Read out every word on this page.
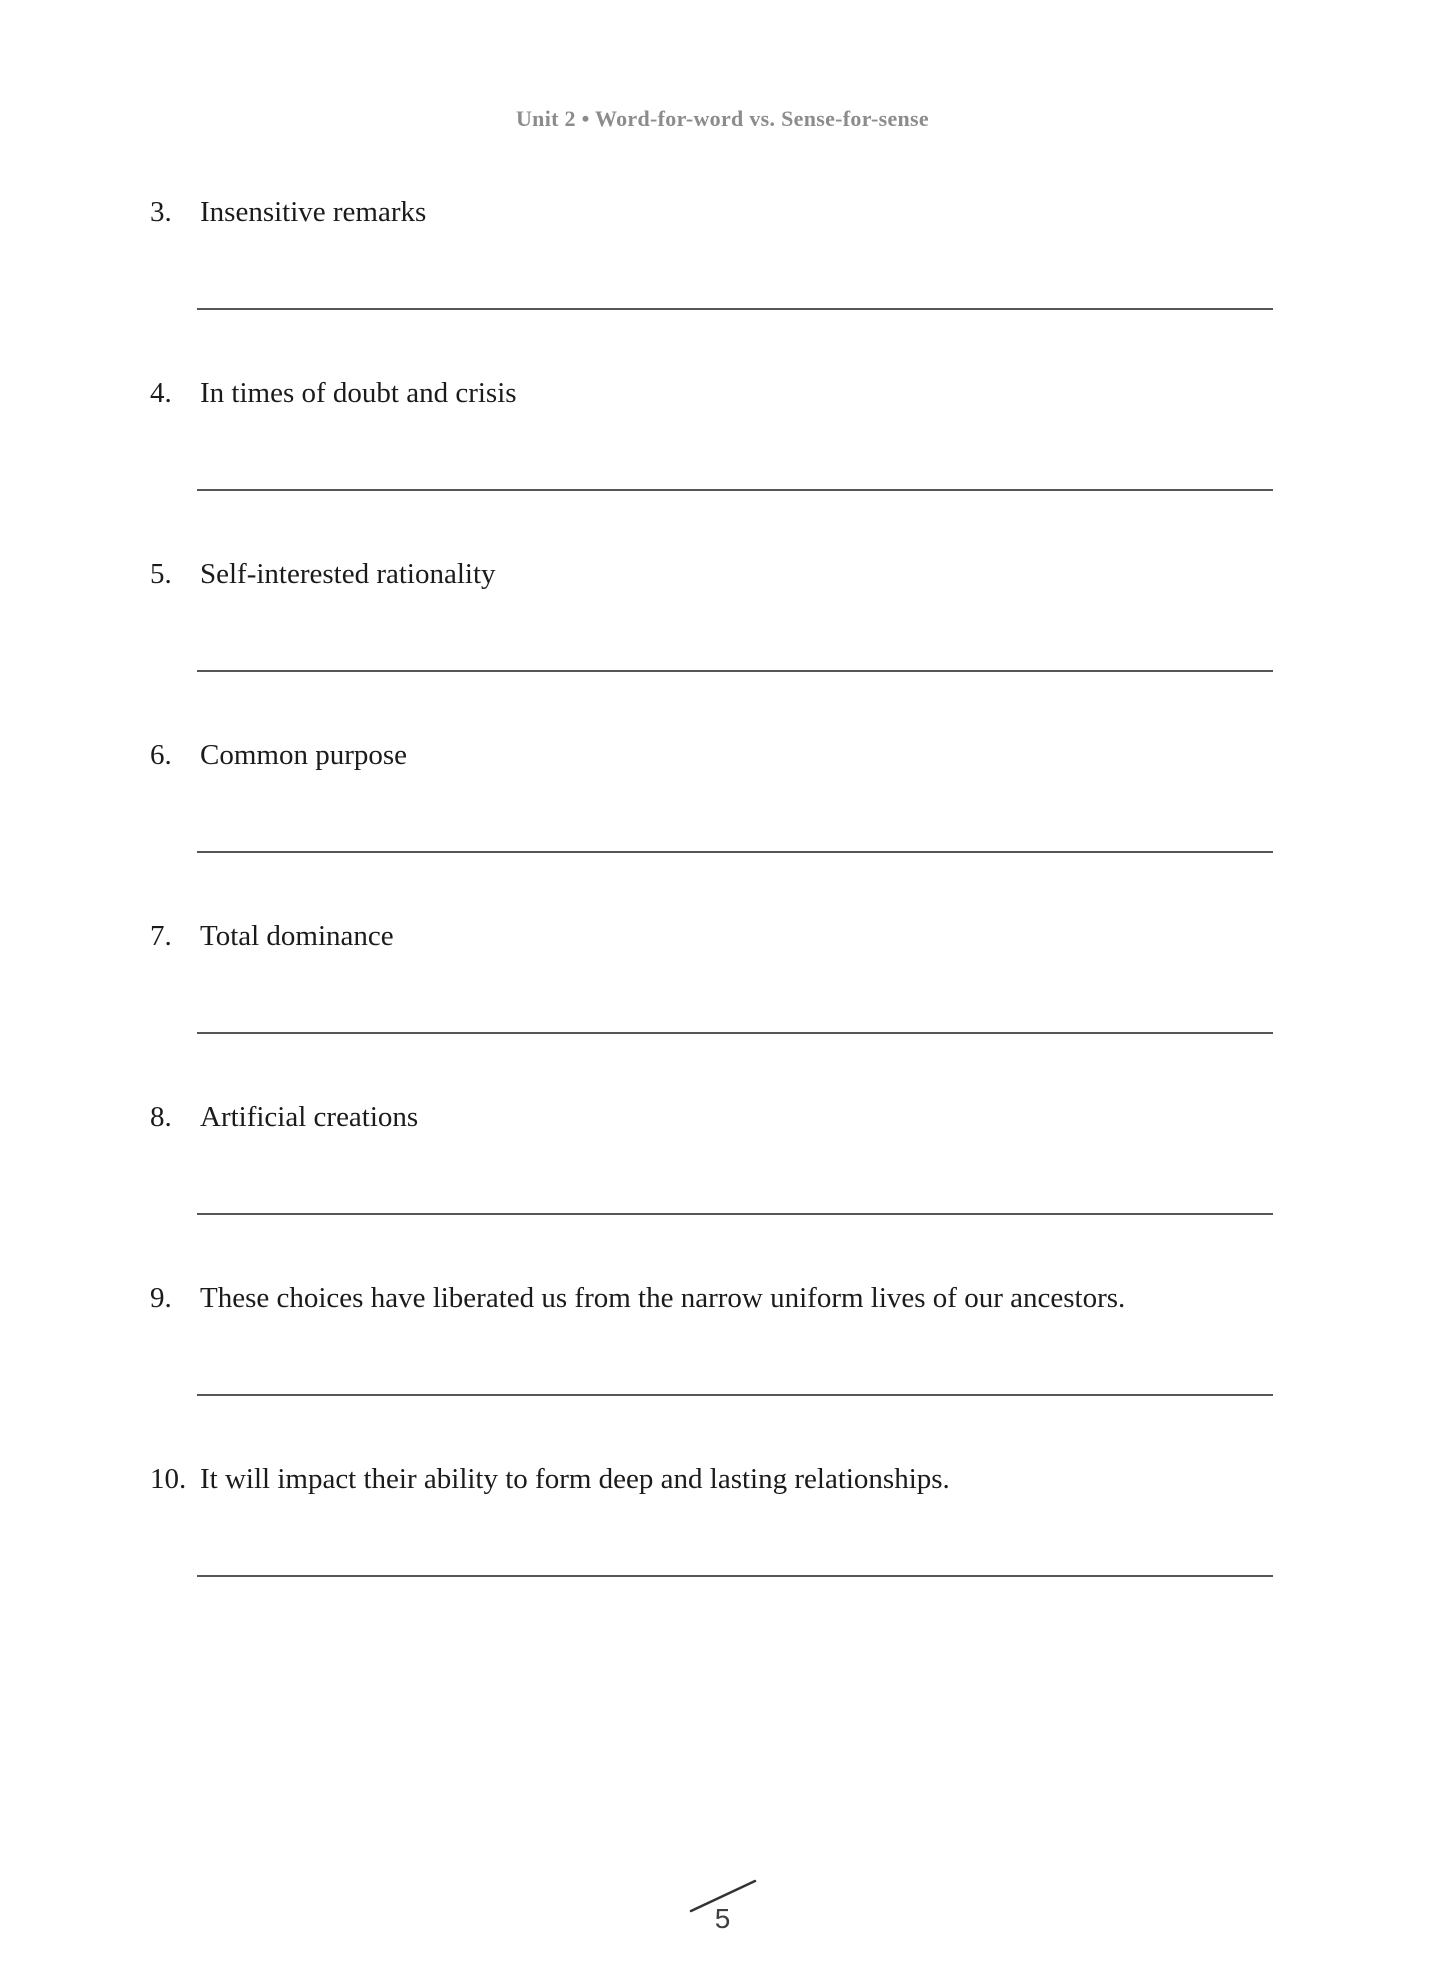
Unit 2 • Word-for-word vs. Sense-for-sense
3. Insensitive remarks
4. In times of doubt and crisis
5. Self-interested rationality
6. Common purpose
7. Total dominance
8. Artificial creations
9. These choices have liberated us from the narrow uniform lives of our ancestors.
10. It will impact their ability to form deep and lasting relationships.
5
